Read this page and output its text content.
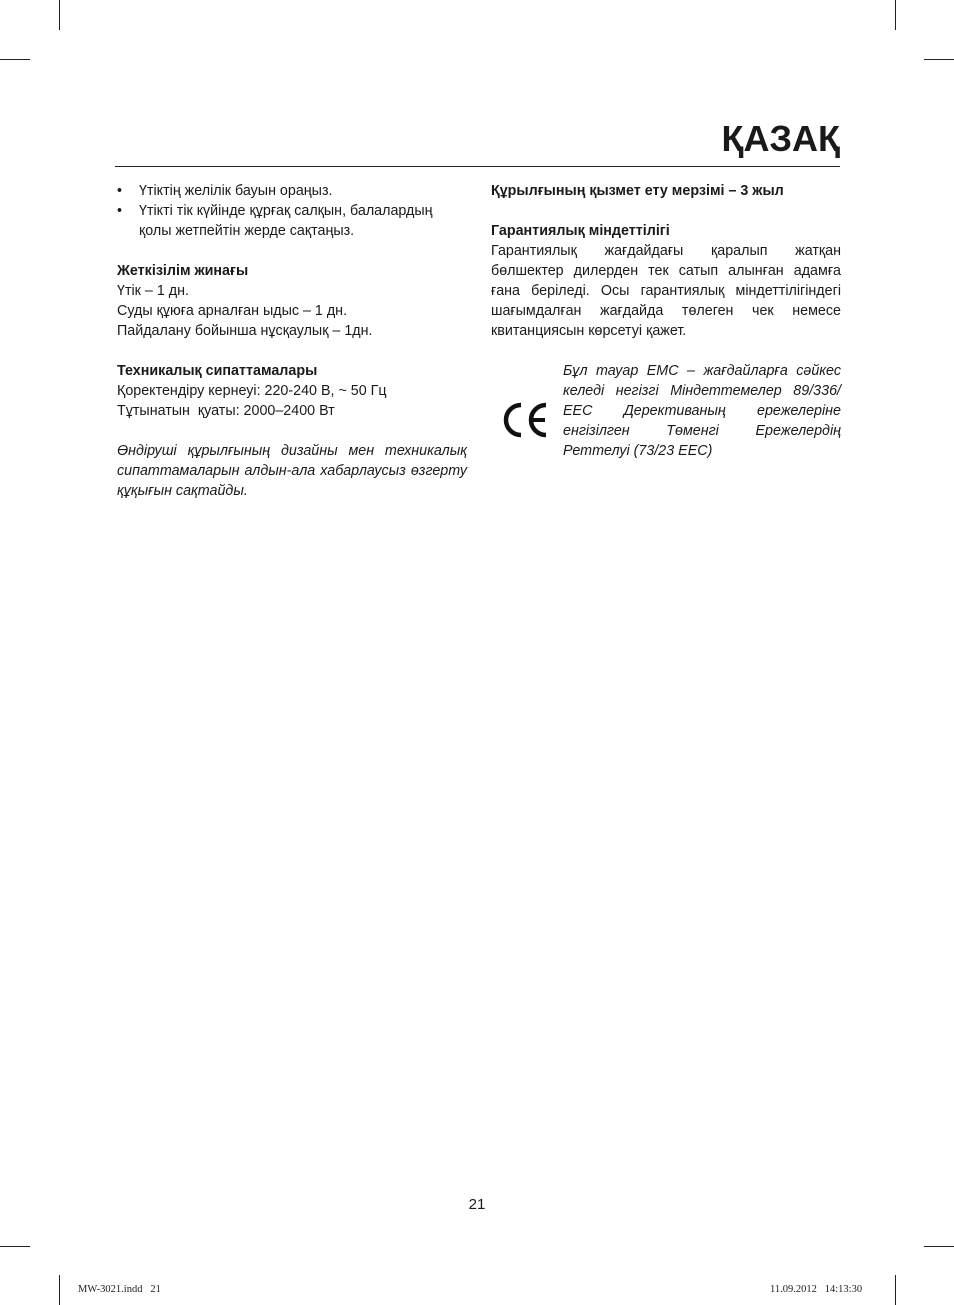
ҚАЗАҚ
• Үтіктің желілік бауын ораңыз.
• Үтікті тік күйінде құрғақ салқын, балалардың қолы жетпейтін жерде сақтаңыз.
Жеткізілім жинағы
Үтік – 1 дн.
Суды құюға арналған ыдыс – 1 дн.
Пайдалану бойынша нұсқаулық – 1дн.
Техникалық сипаттамалары
Қоректендіру кернеуі: 220-240 В, ~ 50 Гц
Тұтынатын  қуаты: 2000–2400 Вт
Өндіруші құрылғының дизайны мен техникалық сипаттамаларын алдын-ала хабарлаусыз өзгерту құқығын сақтайды.
Құрылғының қызмет ету мерзімі – 3 жыл
Гарантиялық міндеттілігі
Гарантиялық жағдайдағы қаралып жатқан бөлшектер дилерден тек сатып алынған адамға ғана беріледі. Осы гарантиялық міндеттілігіндегі шағымдалған жағдайда төлеген чек немесе квитанциясын көрсетуі қажет.
Бұл тауар ЕМС – жағдайларға сәйкес келеді негізгі Міндеттемелер 89/336/ ЕЕС Дерективаның ережелеріне енгізілген Төменгі Ережелердің Реттелуі (73/23 ЕЕС)
21
MW-3021.indd   21	11.09.2012   14:13:30
